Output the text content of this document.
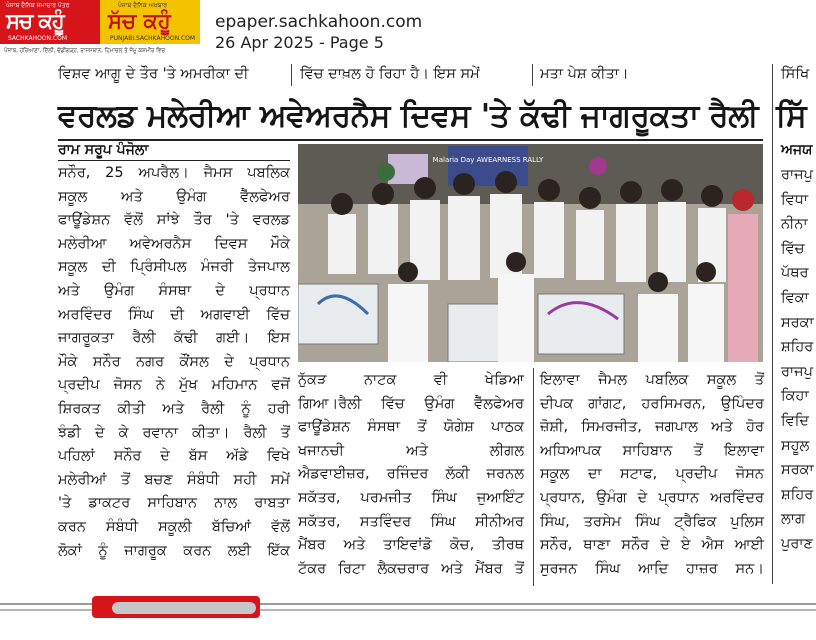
ਪੰਜਾਬ ਦੈਨਿਕ ਸਮਾਚਾਰ ਪੱਤਰ
ਸਚ ਕਹੂੰ
SACHKAHOON.COM
ਪੰਜਾਬ ਦੈਨਿਕ ਅਖ਼ਬਾਰ
ਸੱਚ ਕਹੂੰ
PUNJABI.SACHKAHOON.COM
ਪੰਜਾਬ, ਹਰਿਆਣਾ, ਦਿੱਲੀ, ਚੰਡੀਗੜ੍ਹ, ਰਾਜਸਥਾਨ, ਹਿਮਾਚਲ ਤੇ ਜੰਮੂ ਕਸ਼ਮੀਰ ਵਿਚ
epaper.sachkahoon.com
26 Apr 2025 - Page 5
ਵਿਸ਼ਵ ਆਗੂ ਦੇ ਤੌਰ 'ਤੇ ਅਮਰੀਕਾ ਦੀ	ਵਿੱਚ ਦਾਖ਼ਲ ਹੋ ਰਿਹਾ ਹੈ। ਇਸ ਸਮੇਂ	ਮਤਾ ਪੇਸ਼ ਕੀਤਾ।	ਸਿੱਖਿ
ਵਰਲਡ ਮਲੇਰੀਆ ਅਵੇਅਰਨੈਸ ਦਿਵਸ 'ਤੇ ਕੱਢੀ ਜਾਗਰੂਕਤਾ ਰੈਲੀ ਸਿੱ
ਰਾਮ ਸਰੂਪ ਪੰਜੋਲਾ	ਅਜਯ
ਸਨੌਰ, 25 ਅਪਰੈਲ। ਜੈਮਸ ਪਬਲਿਕ
ਸਕੂਲ ਅਤੇ ਉਮੰਗ ਵੈੱਲਫੇਅਰ
ਫਾਊਂਡੇਸ਼ਨ ਵੱਲੋਂ ਸਾਂਝੇ ਤੌਰ 'ਤੇ ਵਰਲਡ
ਮਲੇਰੀਆ ਅਵੇਅਰਨੈਸ ਦਿਵਸ ਮੌਕੇ
ਸਕੂਲ ਦੀ ਪ੍ਰਿੰਸੀਪਲ ਮੰਜਰੀ ਤੇਜਪਾਲ
ਅਤੇ ਉਮੰਗ ਸੰਸਥਾ ਦੇ ਪ੍ਰਧਾਨ
ਅਰਵਿੰਦਰ ਸਿੰਘ ਦੀ ਅਗਵਾਈ ਵਿੱਚ
ਜਾਗਰੂਕਤਾ ਰੈਲੀ ਕੱਢੀ ਗਈ। ਇਸ
ਮੌਕੇ ਸਨੌਰ ਨਗਰ ਕੌਂਸਲ ਦੇ ਪ੍ਰਧਾਨ
ਪ੍ਰਦੀਪ ਜੋਸਨ ਨੇ ਮੁੱਖ ਮਹਿਮਾਨ ਵਜੋਂ
ਸ਼ਿਰਕਤ ਕੀਤੀ ਅਤੇ ਰੈਲੀ ਨੂੰ ਹਰੀ
ਝੰਡੀ ਦੇ ਕੇ ਰਵਾਨਾ ਕੀਤਾ। ਰੈਲੀ ਤੋਂ
ਪਹਿਲਾਂ ਸਨੌਰ ਦੇ ਬੱਸ ਅੱਡੇ ਵਿਖੇ
ਮਲੇਰੀਆਂ ਤੋਂ ਬਚਣ ਸੰਬੰਧੀ ਸਹੀ ਸਮੇਂ
'ਤੇ ਡਾਕਟਰ ਸਾਹਿਬਾਨ ਨਾਲ ਰਾਬਤਾ
ਕਰਨ ਸੰਬੰਧੀ ਸਕੂਲੀ ਬੱਚਿਆਂ ਵੱਲੋਂ
ਲੋਕਾਂ ਨੂੰ ਜਾਗਰੂਕ ਕਰਨ ਲਈ ਇੱਕ
Malaria Day AWEARNESS RALLY
ਨੁੱਕੜ ਨਾਟਕ ਵੀ ਖੇਡਿਆ
ਗਿਆ।ਰੈਲੀ ਵਿੱਚ ਉਮੰਗ ਵੈੱਲਫੇਅਰ
ਫਾਊਂਡੇਸ਼ਨ ਸੰਸਥਾ ਤੋਂ ਯੋਗੇਸ਼ ਪਾਠਕ
ਖਜਾਨਚੀ ਅਤੇ ਲੀਗਲ
ਐਡਵਾਈਜ਼ਰ, ਰਜਿੰਦਰ ਲੱਕੀ ਜਰਨਲ
ਸਕੱਤਰ, ਪਰਮਜੀਤ ਸਿੰਘ ਜੁਆਇੰਟ
ਸਕੱਤਰ, ਸਤਵਿੰਦਰ ਸਿੰਘ ਸੀਨੀਅਰ
ਮੈਂਬਰ ਅਤੇ ਤਾਇਵਾਂਡੋ ਕੋਚ, ਤੀਰਥ
ਟੱਕਰ ਰਿਟਾ ਲੈਕਚਰਾਰ ਅਤੇ ਮੈਂਬਰ ਤੋਂ
ਇਲਾਵਾ ਜੈਮਲ ਪਬਲਿਕ ਸਕੂਲ ਤੋਂ
ਦੀਪਕ ਗਾਂਗਟ, ਹਰਸਿਮਰਨ, ਉਪਿੰਦਰ
ਜ਼ੋਸ਼ੀ, ਸਿਮਰਜੀਤ, ਜਗਪਾਲ ਅਤੇ ਹੋਰ
ਅਧਿਆਪਕ ਸਾਹਿਬਾਨ ਤੋਂ ਇਲਾਵਾ
ਸਕੂਲ ਦਾ ਸਟਾਫ, ਪ੍ਰਦੀਪ ਜੋਸਨ
ਪ੍ਰਧਾਨ, ਉਮੰਗ ਦੇ ਪ੍ਰਧਾਨ ਅਰਵਿੰਦਰ
ਸਿੰਘ, ਤਰਸੇਮ ਸਿੰਘ ਟ੍ਰੈਫਿਕ ਪੁਲਿਸ
ਸਨੌਰ, ਥਾਣਾ ਸਨੌਰ ਦੇ ਏ ਐਸ ਆਈ
ਸੁਰਜਨ ਸਿੰਘ ਆਦਿ ਹਾਜ਼ਰ ਸਨ।
ਰਾਜਪੁ
ਵਿਧਾ
ਨੀਨਾ
ਵਿੱਚ
ਪੱਥਰ
ਵਿਕਾ
ਸਰਕਾ
ਸ਼ਹਿਰ
ਰਾਜਪੁ
ਕਿਹਾ
ਵਿਦਿ
ਸਹੂਲ
ਸਰਕਾ
ਸ਼ਹਿਰ
ਲਾਗ
ਪੁਰਾਣ
